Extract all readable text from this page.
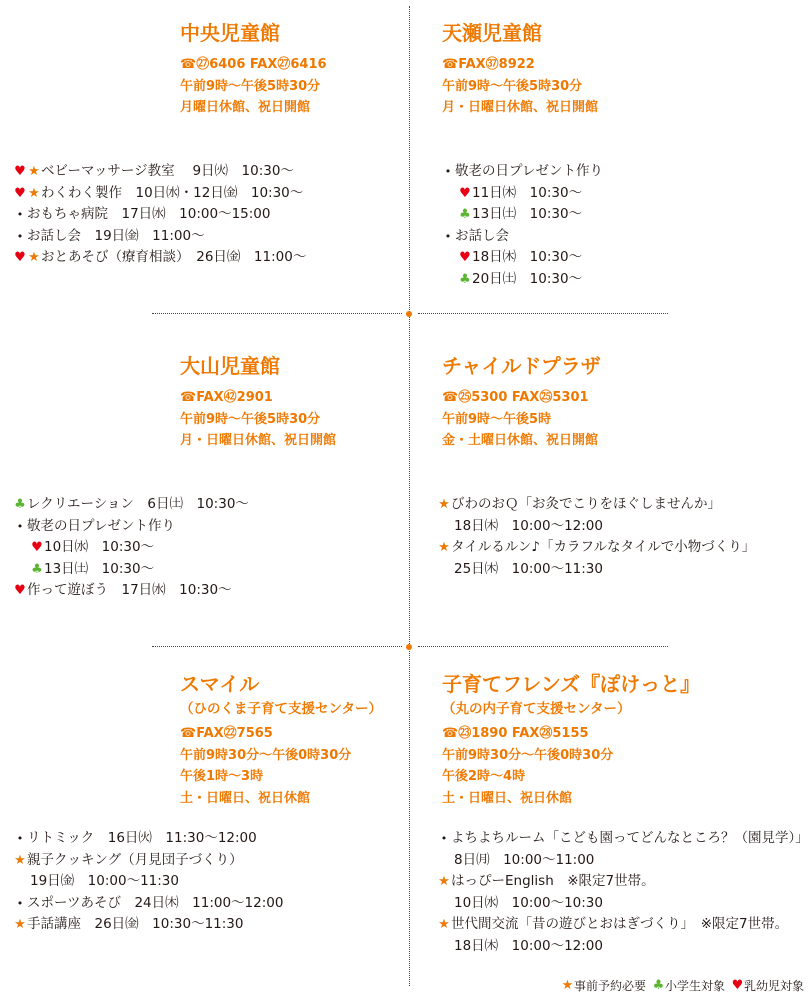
中央児童館
☎㉗6406 FAX㉗6416
午前9時～午後5時30分
月曜日休館、祝日開館
天瀬児童館
☎FAX㊲8922
午前9時～午後5時30分
月・日曜日休館、祝日開館
大山児童館
☎FAX㊷2901
午前9時～午後5時30分
月・日曜日休館、祝日開館
チャイルドプラザ
☎㉕5300 FAX㉕5301
午前9時～午後5時
金・土曜日休館、祝日開館
スマイル
（ひのくま子育て支援センター）
☎FAX㉒7565
午前9時30分～午後0時30分
午後1時～3時
土・日曜日、祝日休館
子育てフレンズ『ぽけっと』
（丸の内子育て支援センター）
☎㉓1890 FAX㉘5155
午前9時30分～午後0時30分
午後2時～4時
土・日曜日、祝日休館
♥ ★ ベビーマッサージ教室　 9日㈫　10:30～
♥ ★ わくわく製作　10日㈬・12日㈮　10:30～
• おもちゃ病院　17日㈬　10:00～15:00
• お話し会　19日㈮　11:00～
♥ ★ おとあそび（療育相談）　26日㈮　11:00～
• 敬老の日プレゼント作り
♥ 11日㈭　10:30～
♣ 13日㈯　10:30～
• お話し会
♥ 18日㈭　10:30～
♣ 20日㈯　10:30～
♣ レクリエーション　6日㈯　10:30～
• 敬老の日プレゼント作り
♥ 10日㈬　10:30～
♣ 13日㈯　10:30～
♥ 作って遊ぼう　17日㈬　10:30～
★ びわのおＱ「お灸でこりをほぐしませんか」
18日㈭　10:00～12:00
★ タイルるルン♪「カラフルなタイルで小物づくり」
25日㈭　10:00～11:30
• リトミック　16日㈫　11:30～12:00
★ 親子クッキング（月見団子づくり）
19日㈮　10:00～11:30
• スポーツあそび　24日㈭　11:00～12:00
★ 手話講座　26日㈮　10:30～11:30
• よちよちルーム「こども園ってどんなところ？（園見学）」
8日㈪　10:00～11:00
★ はっぴーEnglish　※限定7世帯。
10日㈬　10:00～10:30
★ 世代間交流「昔の遊びとおはぎづくり」　※限定7世帯。
18日㈭　10:00～12:00
★ 事前予約必要 ♣ 小学生対象 ♥ 乳幼児対象
